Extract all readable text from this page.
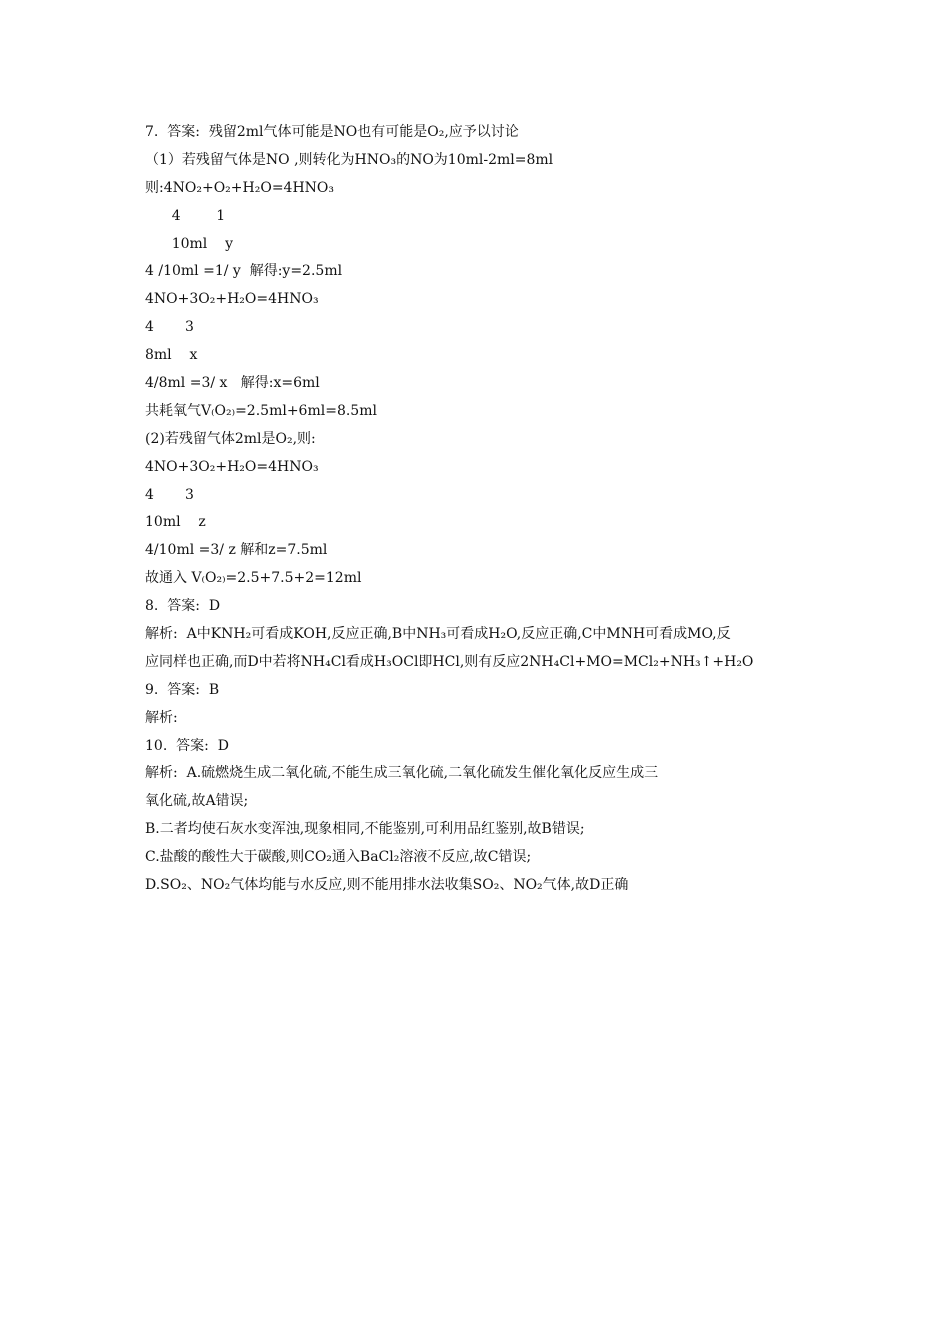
7.  答案:  残留2ml气体可能是NO也有可能是O₂,应予以讨论
（1）若残留气体是NO ,则转化为HNO₃的NO为10ml-2ml=8ml
则:4NO₂+O₂+H₂O=4HNO₃
4        1
10ml    y
4 /10ml =1/ y  解得:y=2.5ml
4NO+3O₂+H₂O=4HNO₃
4       3
8ml    x
4/8ml =3/ x   解得:x=6ml
共耗氧气V₍O₂₎=2.5ml+6ml=8.5ml
(2)若残留气体2ml是O₂,则:
4NO+3O₂+H₂O=4HNO₃
4       3
10ml    z
4/10ml =3/ z 解和z=7.5ml
故通入 V₍O₂₎=2.5+7.5+2=12ml
8.  答案:  D
解析:  A中KNH₂可看成KOH,反应正确,B中NH₃可看成H₂O,反应正确,C中MNH可看成MO,反
应同样也正确,而D中若将NH₄Cl看成H₃OCl即HCl,则有反应2NH₄Cl+MO=MCl₂+NH₃↑+H₂O
9.  答案:  B
解析:
10.  答案:  D
解析:  A.硫燃烧生成二氧化硫,不能生成三氧化硫,二氧化硫发生催化氧化反应生成三
氧化硫,故A错误;
B.二者均使石灰水变浑浊,现象相同,不能鉴别,可利用品红鉴别,故B错误;
C.盐酸的酸性大于碳酸,则CO₂通入BaCl₂溶液不反应,故C错误;
D.SO₂、NO₂气体均能与水反应,则不能用排水法收集SO₂、NO₂气体,故D正确
